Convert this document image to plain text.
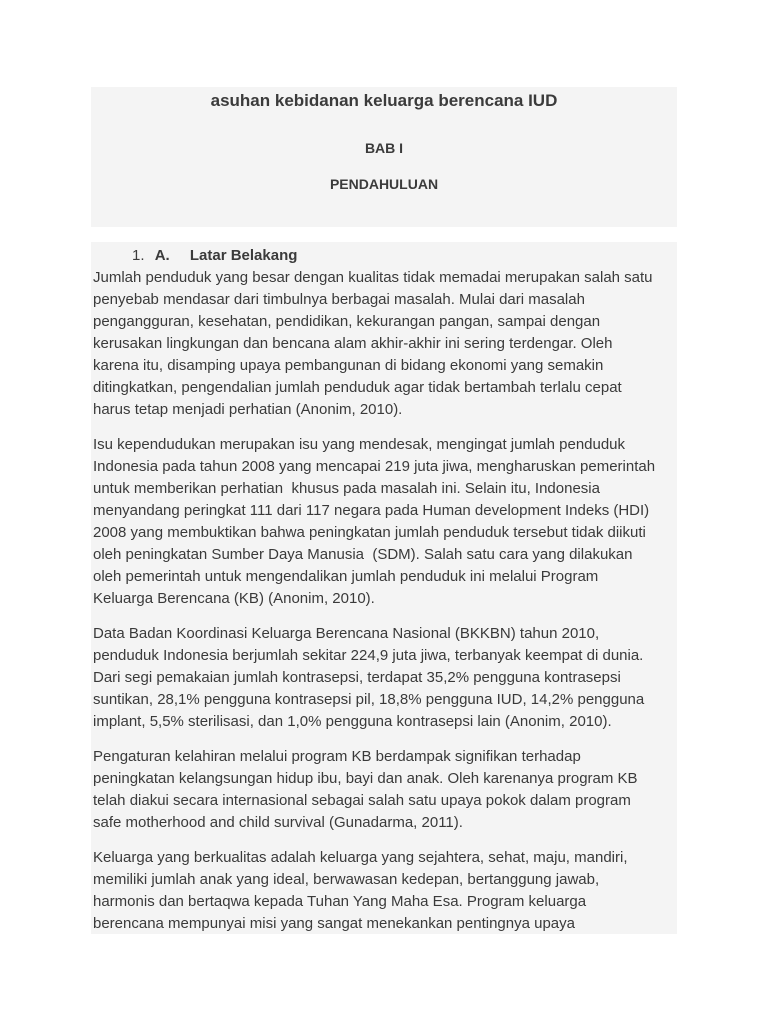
asuhan kebidanan keluarga berencana IUD

BAB I

PENDAHULUAN

1. A. Latar Belakang

Jumlah penduduk yang besar dengan kualitas tidak memadai merupakan salah satu
penyebab mendasar dari timbulnya berbagai masalah. Mulai dari masalah
pengangguran, kesehatan, pendidikan, kekurangan pangan, sampai dengan
kerusakan lingkungan dan bencana alam akhir-akhir ini sering terdengar. Oleh
karena itu, disamping upaya pembangunan di bidang ekonomi yang semakin
ditingkatkan, pengendalian jumlah penduduk agar tidak bertambah terlalu cepat
harus tetap menjadi perhatian (Anonim, 2010).

Isu kependudukan merupakan isu yang mendesak, mengingat jumlah penduduk
Indonesia pada tahun 2008 yang mencapai 219 juta jiwa, mengharuskan pemerintah
untuk memberikan perhatian  khusus pada masalah ini. Selain itu, Indonesia
menyandang peringkat 111 dari 117 negara pada Human development Indeks (HDI)
2008 yang membuktikan bahwa peningkatan jumlah penduduk tersebut tidak diikuti
oleh peningkatan Sumber Daya Manusia  (SDM). Salah satu cara yang dilakukan
oleh pemerintah untuk mengendalikan jumlah penduduk ini melalui Program
Keluarga Berencana (KB) (Anonim, 2010).

Data Badan Koordinasi Keluarga Berencana Nasional (BKKBN) tahun 2010,
penduduk Indonesia berjumlah sekitar 224,9 juta jiwa, terbanyak keempat di dunia.
Dari segi pemakaian jumlah kontrasepsi, terdapat 35,2% pengguna kontrasepsi
suntikan, 28,1% pengguna kontrasepsi pil, 18,8% pengguna IUD, 14,2% pengguna
implant, 5,5% sterilisasi, dan 1,0% pengguna kontrasepsi lain (Anonim, 2010).

Pengaturan kelahiran melalui program KB berdampak signifikan terhadap
peningkatan kelangsungan hidup ibu, bayi dan anak. Oleh karenanya program KB
telah diakui secara internasional sebagai salah satu upaya pokok dalam program
safe motherhood and child survival (Gunadarma, 2011).

Keluarga yang berkualitas adalah keluarga yang sejahtera, sehat, maju, mandiri,
memiliki jumlah anak yang ideal, berwawasan kedepan, bertanggung jawab,
harmonis dan bertaqwa kepada Tuhan Yang Maha Esa. Program keluarga
berencana mempunyai misi yang sangat menekankan pentingnya upaya
